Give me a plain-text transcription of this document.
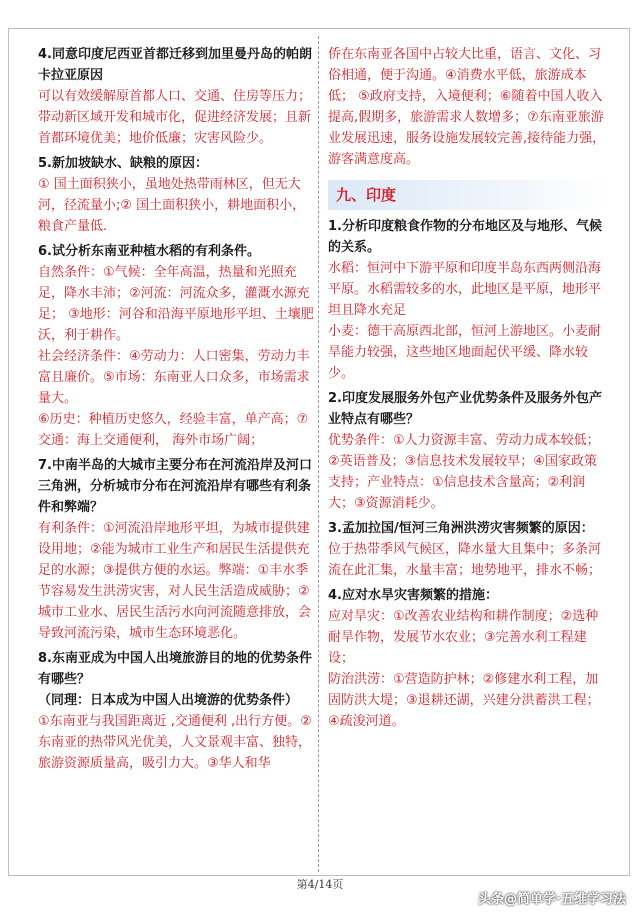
4.同意印度尼西亚首都迁移到加里曼丹岛的帕朗卡拉亚原因

可以有效缓解原首都人口、交通、住房等压力；带动新区域开发和城市化，促进经济发展；且新首都环境优美；地价低廉；灾害风险少。

5.新加坡缺水、缺粮的原因：

① 国土面积狭小，虽地处热带雨林区，但无大河，径流量小;② 国土面积狭小，耕地面积小，粮食产量低.

6.试分析东南亚种植水稻的有利条件。

自然条件：①气候：全年高温，热量和光照充足，降水丰沛；②河流：河流众多，灌溉水源充足； ③地形：河谷和沿海平原地形平坦、土壤肥沃，利于耕作。

社会经济条件：④劳动力：人口密集，劳动力丰富且廉价。⑤市场：东南亚人口众多，市场需求量大。

⑥历史：种植历史悠久，经验丰富，单产高；⑦交通：海上交通便利， 海外市场广阔；

7.中南半岛的大城市主要分布在河流沿岸及河口三角洲，分析城市分布在河流沿岸有哪些有利条件和弊端？

有利条件：①河流沿岸地形平坦，为城市提供建设用地；②能为城市工业生产和居民生活提供充足的水源；③提供方便的水运。弊端：①丰水季节容易发生洪涝灾害，对人民生活造成威胁；②城市工业水、居民生活污水向河流随意排放，会导致河流污染，城市生态环境恶化。

8.东南亚成为中国人出境旅游目的地的优势条件有哪些？

（同理：日本成为中国人出境游的优势条件）

①东南亚与我国距离近 ,交通便利 ,出行方便。②东南亚的热带风光优美，人文景观丰富、独特，旅游资源质量高，吸引力大。③华人和华

侨在东南亚各国中占较大比重，语言、文化、习俗相通，便于沟通。④消费水平低，旅游成本低； ⑤政府支持，入境便利；⑥随着中国人收入提高,假期多，旅游需求人数增多；⑦东南亚旅游业发展迅速，服务设施发展较完善,接待能力强，游客满意度高。

九、印度

1.分析印度粮食作物的分布地区及与地形、气候的关系。

水稻：恒河中下游平原和印度半岛东西两侧沿海平原。水稻需较多的水，此地区是平原，地形平坦且降水充足

小麦：德干高原西北部，恒河上游地区。小麦耐旱能力较强，这些地区地面起伏平缓、降水较少。

2.印度发展服务外包产业优势条件及服务外包产业特点有哪些？

优势条件：①人力资源丰富、劳动力成本较低；②英语普及；③信息技术发展较早；④国家政策支持；产业特点：①信息技术含量高；②利润大；③资源消耗少。

3.孟加拉国/恒河三角洲洪涝灾害频繁的原因：

位于热带季风气候区，降水量大且集中；多条河流在此汇集，水量丰富；地势地平，排水不畅；

4.应对水旱灾害频繁的措施：

应对旱灾：①改善农业结构和耕作制度；②选种耐旱作物，发展节水农业；③完善水利工程建设；

防治洪涝：①营造防护林；②修建水利工程，加固防洪大堤；③退耕还湖，兴建分洪蓄洪工程；④疏浚河道。

第4/14页
头条@简单学·五维学习法
